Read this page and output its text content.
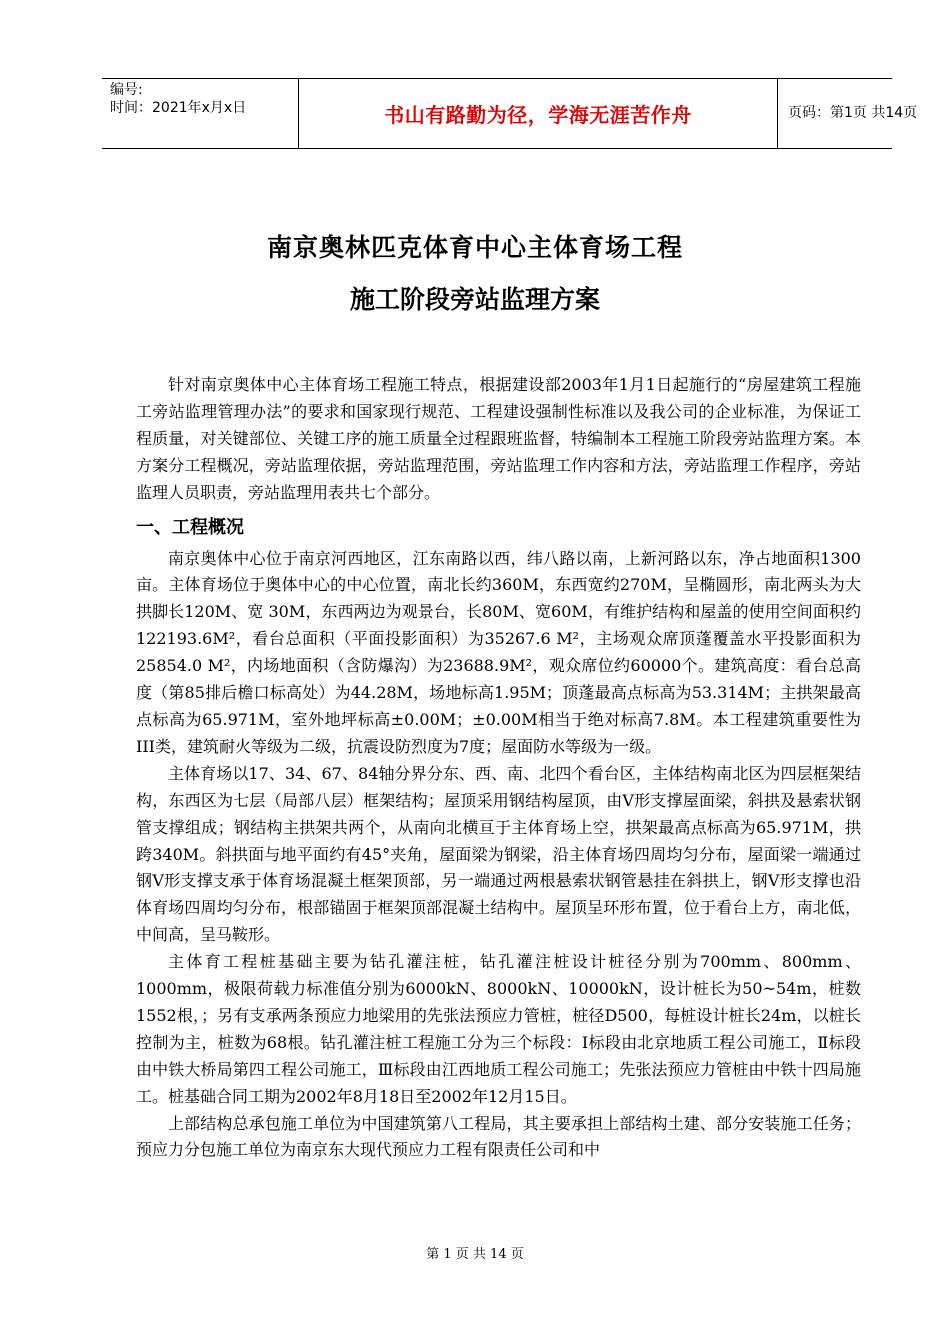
编号:
时间：2021年x月x日	书山有路勤为径，学海无涯苦作舟	页码：第1页 共14页
南京奥林匹克体育中心主体育场工程
施工阶段旁站监理方案

针对南京奥体中心主体育场工程施工特点，根据建设部2003年1月1日起施行的“房屋建筑工程施工旁站监理管理办法”的要求和国家现行规范、工程建设强制性标准以及我公司的企业标准，为保证工程质量，对关键部位、关键工序的施工质量全过程跟班监督，特编制本工程施工阶段旁站监理方案。本方案分工程概况，旁站监理依据，旁站监理范围，旁站监理工作内容和方法，旁站监理工作程序，旁站监理人员职责，旁站监理用表共七个部分。

一、工程概况

南京奥体中心位于南京河西地区，江东南路以西，纬八路以南，上新河路以东，净占地面积1300亩。主体育场位于奥体中心的中心位置，南北长约360M，东西宽约270M，呈椭圆形，南北两头为大拱脚长120M、宽 30M，东西两边为观景台，长80M、宽60M，有维护结构和屋盖的使用空间面积约122193.6M²，看台总面积（平面投影面积）为35267.6 M²，主场观众席顶蓬覆盖水平投影面积为25854.0 M²，内场地面积（含防爆沟）为23688.9M²，观众席位约60000个。建筑高度：看台总高度（第85排后檐口标高处）为44.28M，场地标高1.95M；顶蓬最高点标高为53.314M；主拱架最高点标高为65.971M，室外地坪标高±0.00M；±0.00M相当于绝对标高7.8M。本工程建筑重要性为III类，建筑耐火等级为二级，抗震设防烈度为7度；屋面防水等级为一级。

主体育场以17、34、67、84轴分界分东、西、南、北四个看台区，主体结构南北区为四层框架结构，东西区为七层（局部八层）框架结构；屋顶采用钢结构屋顶，由V形支撑屋面梁，斜拱及悬索状钢管支撑组成；钢结构主拱架共两个，从南向北横亘于主体育场上空，拱架最高点标高为65.971M，拱跨340M。斜拱面与地平面约有45°夹角，屋面梁为钢梁，沿主体育场四周均匀分布，屋面梁一端通过钢V形支撑支承于体育场混凝土框架顶部，另一端通过两根悬索状钢管悬挂在斜拱上，钢V形支撑也沿体育场四周均匀分布，根部锚固于框架顶部混凝土结构中。屋顶呈环形布置，位于看台上方，南北低，中间高，呈马鞍形。

主体育工程桩基础主要为钻孔灌注桩，钻孔灌注桩设计桩径分别为700mm、800mm、1000mm，极限荷载力标准值分别为6000kN、8000kN、10000kN，设计桩长为50~54m，桩数1552根，；另有支承两条预应力地梁用的先张法预应力管桩，桩径D500，每桩设计桩长24m，以桩长控制为主，桩数为68根。钻孔灌注桩工程施工分为三个标段：Ⅰ标段由北京地质工程公司施工，Ⅱ标段由中铁大桥局第四工程公司施工，Ⅲ标段由江西地质工程公司施工；先张法预应力管桩由中铁十四局施工。桩基础合同工期为2002年8月18日至2002年12月15日。

上部结构总承包施工单位为中国建筑第八工程局，其主要承担上部结构土建、部分安装施工任务；预应力分包施工单位为南京东大现代预应力工程有限责任公司和中

第 1 页 共 14 页
